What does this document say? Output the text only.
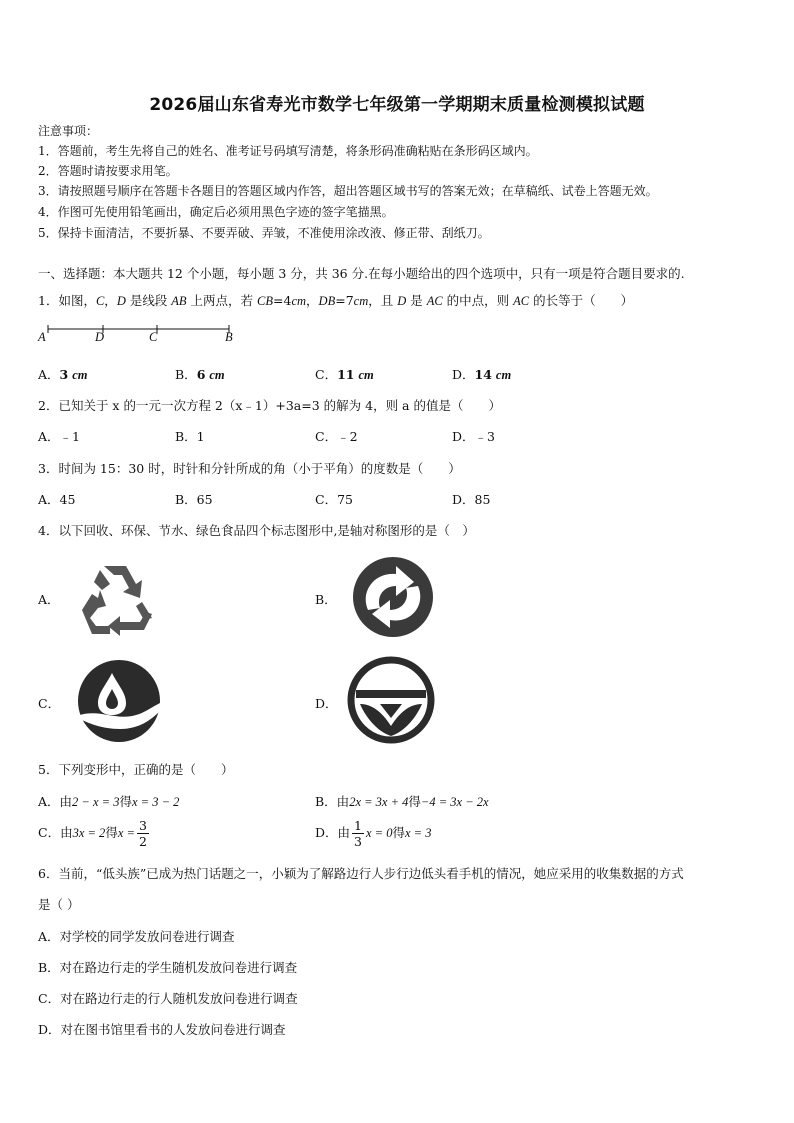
2026届山东省寿光市数学七年级第一学期期末质量检测模拟试题
注意事项：
1．答题前，考生先将自己的姓名、准考证号码填写清楚，将条形码准确粘贴在条形码区域内。
2．答题时请按要求用笔。
3．请按照题号顺序在答题卡各题目的答题区域内作答，超出答题区域书写的答案无效；在草稿纸、试卷上答题无效。
4．作图可先使用铅笔画出，确定后必须用黑色字迹的签字笔描黑。
5．保持卡面清洁，不要折暴、不要弄破、弄皱，不准使用涂改液、修正带、刮纸刀。
一、选择题：本大题共 12 个小题，每小题 3 分，共 36 分.在每小题给出的四个选项中，只有一项是符合题目要求的.
1．如图，C，D 是线段 AB 上两点，若 CB=4cm，DB=7cm，且 D 是 AC 的中点，则 AC 的长等于（　　）
A	D	C	B
A．3 cm	B．6 cm	C．11 cm	D．14 cm
2．已知关于 x 的一元一次方程 2（x﹣1）+3a=3 的解为 4，则 a 的值是（　　）
A．﹣1	B．1	C．﹣2	D．﹣3
3．时间为 15：30 时，时针和分针所成的角（小于平角）的度数是（　　）
A．45	B．65	C．75	D．85
4．以下回收、环保、节水、绿色食品四个标志图形中,是轴对称图形的是（　）
A．	B．
C．	D．
5．下列变形中，正确的是（　　）
A．由2 − x = 3得x = 3 − 2	B．由2x = 3x + 4得−4 = 3x − 2x
C．由3x = 2得$x = \frac{3}{2}$	D．由 $\frac{1}{3}$ x = 0得x = 3
6．当前，“低头族”已成为热门话题之一，小颖为了解路边行人步行边低头看手机的情况，她应采用的收集数据的方式
是（ ）
A．对学校的同学发放问卷进行调查
B．对在路边行走的学生随机发放问卷进行调查
C．对在路边行走的行人随机发放问卷进行调查
D．对在图书馆里看书的人发放问卷进行调查
